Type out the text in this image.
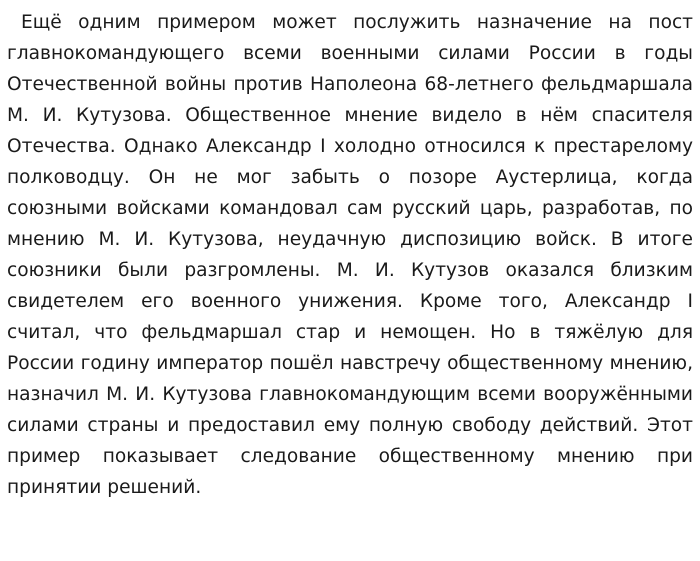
Ещё одним примером может послужить назначение на пост главнокомандующего всеми военными силами России в годы Отечественной войны против Наполеона 68-летнего фельдмаршала М. И. Кутузова. Общественное мнение видело в нём спасителя Отечества. Однако Александр I холодно относился к престарелому полководцу. Он не мог забыть о позоре Аустерлица, когда союзными войсками командовал сам русский царь, разработав, по мнению М. И. Кутузова, неудачную диспозицию войск. В итоге союзники были разгромлены. М. И. Кутузов оказался близким свидетелем его военного унижения. Кроме того, Александр I считал, что фельдмаршал стар и немощен. Но в тяжёлую для России годину император пошёл навстречу общественному мнению, назначил М. И. Кутузова главнокомандующим всеми вооружёнными силами страны и предоставил ему полную свободу действий. Этот пример показывает следование общественному мнению при принятии решений.
